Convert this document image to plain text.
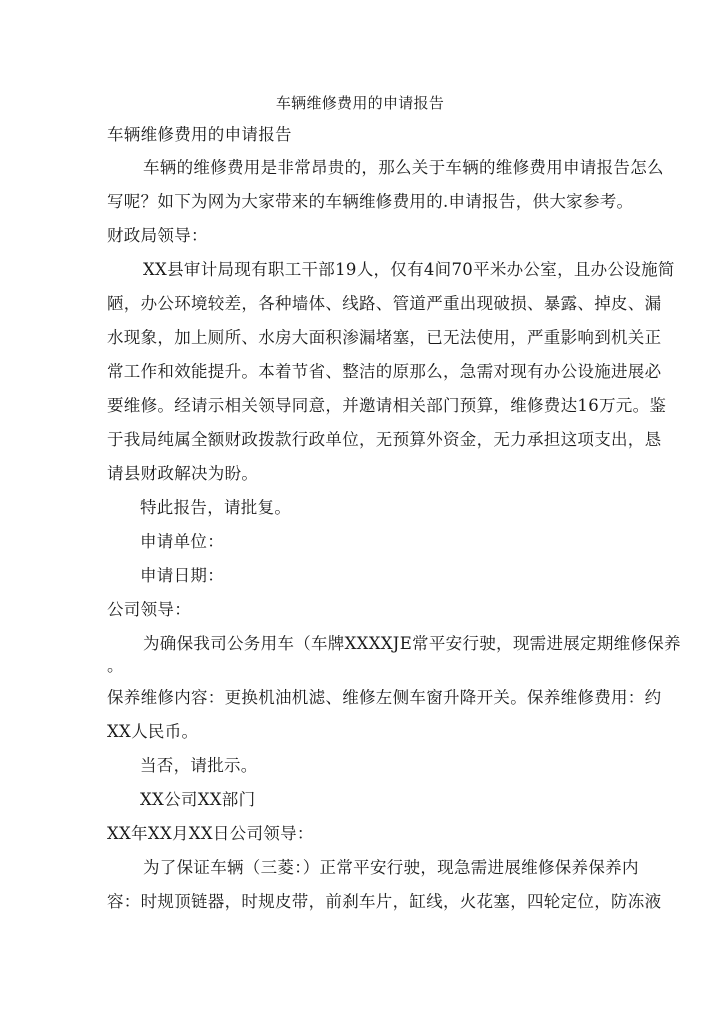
车辆维修费用的申请报告
车辆维修费用的申请报告
车辆的维修费用是非常昂贵的，那么关于车辆的维修费用申请报告怎么
写呢？如下为网为大家带来的车辆维修费用的.申请报告，供大家参考。
财政局领导：
XX县审计局现有职工干部19人，仅有4间70平米办公室，且办公设施简
陋，办公环境较差，各种墙体、线路、管道严重出现破损、暴露、掉皮、漏
水现象，加上厕所、水房大面积渗漏堵塞，已无法使用，严重影响到机关正
常工作和效能提升。本着节省、整洁的原那么，急需对现有办公设施进展必
要维修。经请示相关领导同意，并邀请相关部门预算，维修费达16万元。鉴
于我局纯属全额财政拨款行政单位，无预算外资金，无力承担这项支出，恳
请县财政解决为盼。
特此报告，请批复。
申请单位：
申请日期：
公司领导：
为确保我司公务用车（车牌XXXXJE常平安行驶，现需进展定期维修保养
。
保养维修内容：更换机油机滤、维修左侧车窗升降开关。保养维修费用：约
XX人民币。
当否，请批示。
XX公司XX部门
XX年XX月XX日公司领导：
为了保证车辆（三菱：）正常平安行驶，现急需进展维修保养保养内
容：时规顶链器，时规皮带，前刹车片，缸线，火花塞，四轮定位，防冻液
